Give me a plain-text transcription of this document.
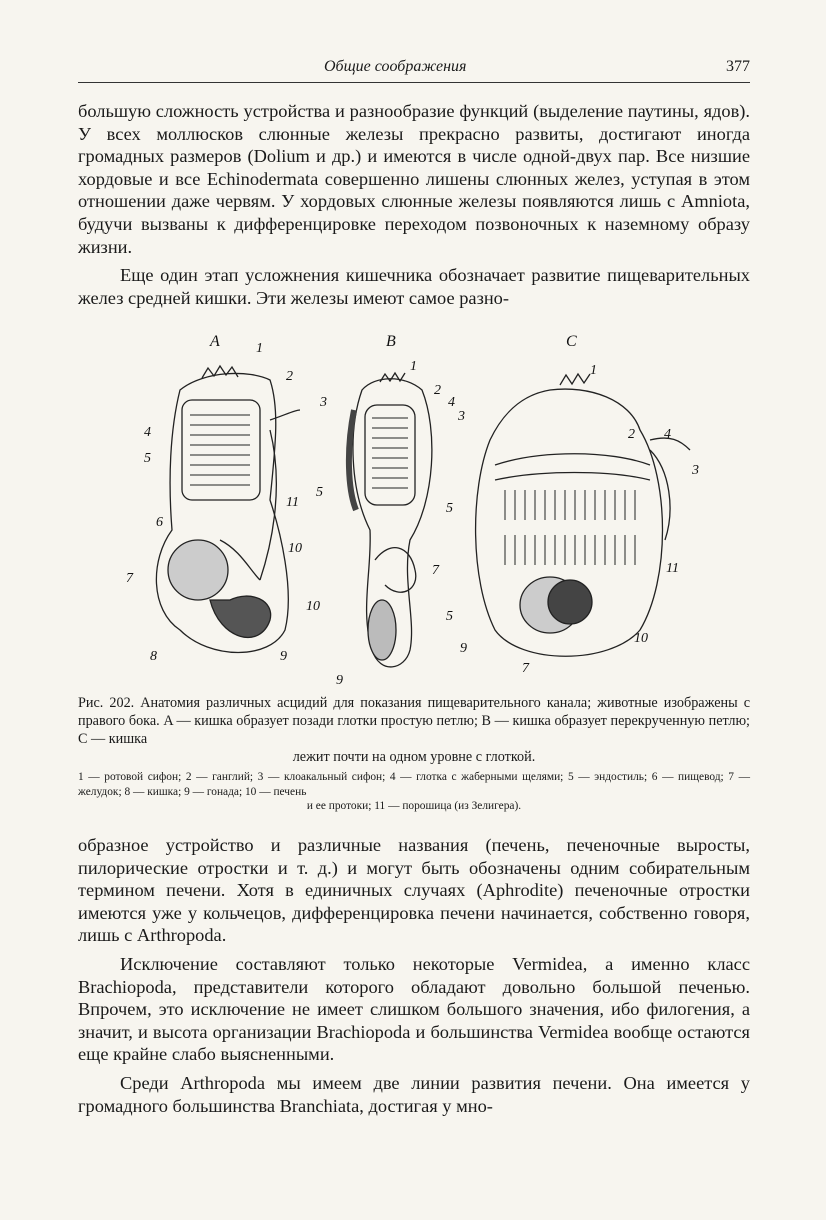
Общие соображения	377

большую сложность устройства и разнообразие функций (выделение паутины, ядов). У всех моллюсков слюнные железы прекрасно развиты, достигают иногда громадных размеров (Dolium и др.) и имеются в числе одной-двух пар. Все низшие хордовые и все Echinodermata совершенно лишены слюнных желез, уступая в этом отношении даже червям. У хордовых слюнные железы появляются лишь с Amniota, будучи вызваны к дифференцировке переходом позвоночных к наземному образу жизни.

Еще один этап усложнения кишечника обозначает развитие пищеварительных желез средней кишки. Эти железы имеют самое разно-

A	B	C
1
2
3
4
5
6
7
8	9
10
11
1
2
3
4
5
7
10
9
1
2
3
4
5
5
7
9
10
11
Рис. 202. Анатомия различных асцидий для показания пищеварительного канала; животные изображены с правого бока. A — кишка образует позади глотки простую петлю; B — кишка образует перекрученную петлю; C — кишка
лежит почти на одном уровне с глоткой.
1 — ротовой сифон; 2 — ганглий; 3 — клоакальный сифон; 4 — глотка с жаберными щелями; 5 — эндостиль; 6 — пищевод; 7 — желудок; 8 — кишка; 9 — гонада; 10 — печень
и ее протоки; 11 — порошица (из Зелигера).

образное устройство и различные названия (печень, печеночные выросты, пилорические отростки и т. д.) и могут быть обозначены одним собирательным термином печени. Хотя в единичных случаях (Aphrodite) печеночные отростки имеются уже у кольчецов, дифференцировка печени начинается, собственно говоря, лишь с Arthropoda.

Исключение составляют только некоторые Vermidea, а именно класс Brachiopoda, представители которого обладают довольно большой печенью. Впрочем, это исключение не имеет слишком большого значения, ибо филогения, а значит, и высота организации Brachiopoda и большинства Vermidea вообще остаются еще крайне слабо выясненными.

Среди Arthropoda мы имеем две линии развития печени. Она имеется у громадного большинства Branchiata, достигая у мно-
